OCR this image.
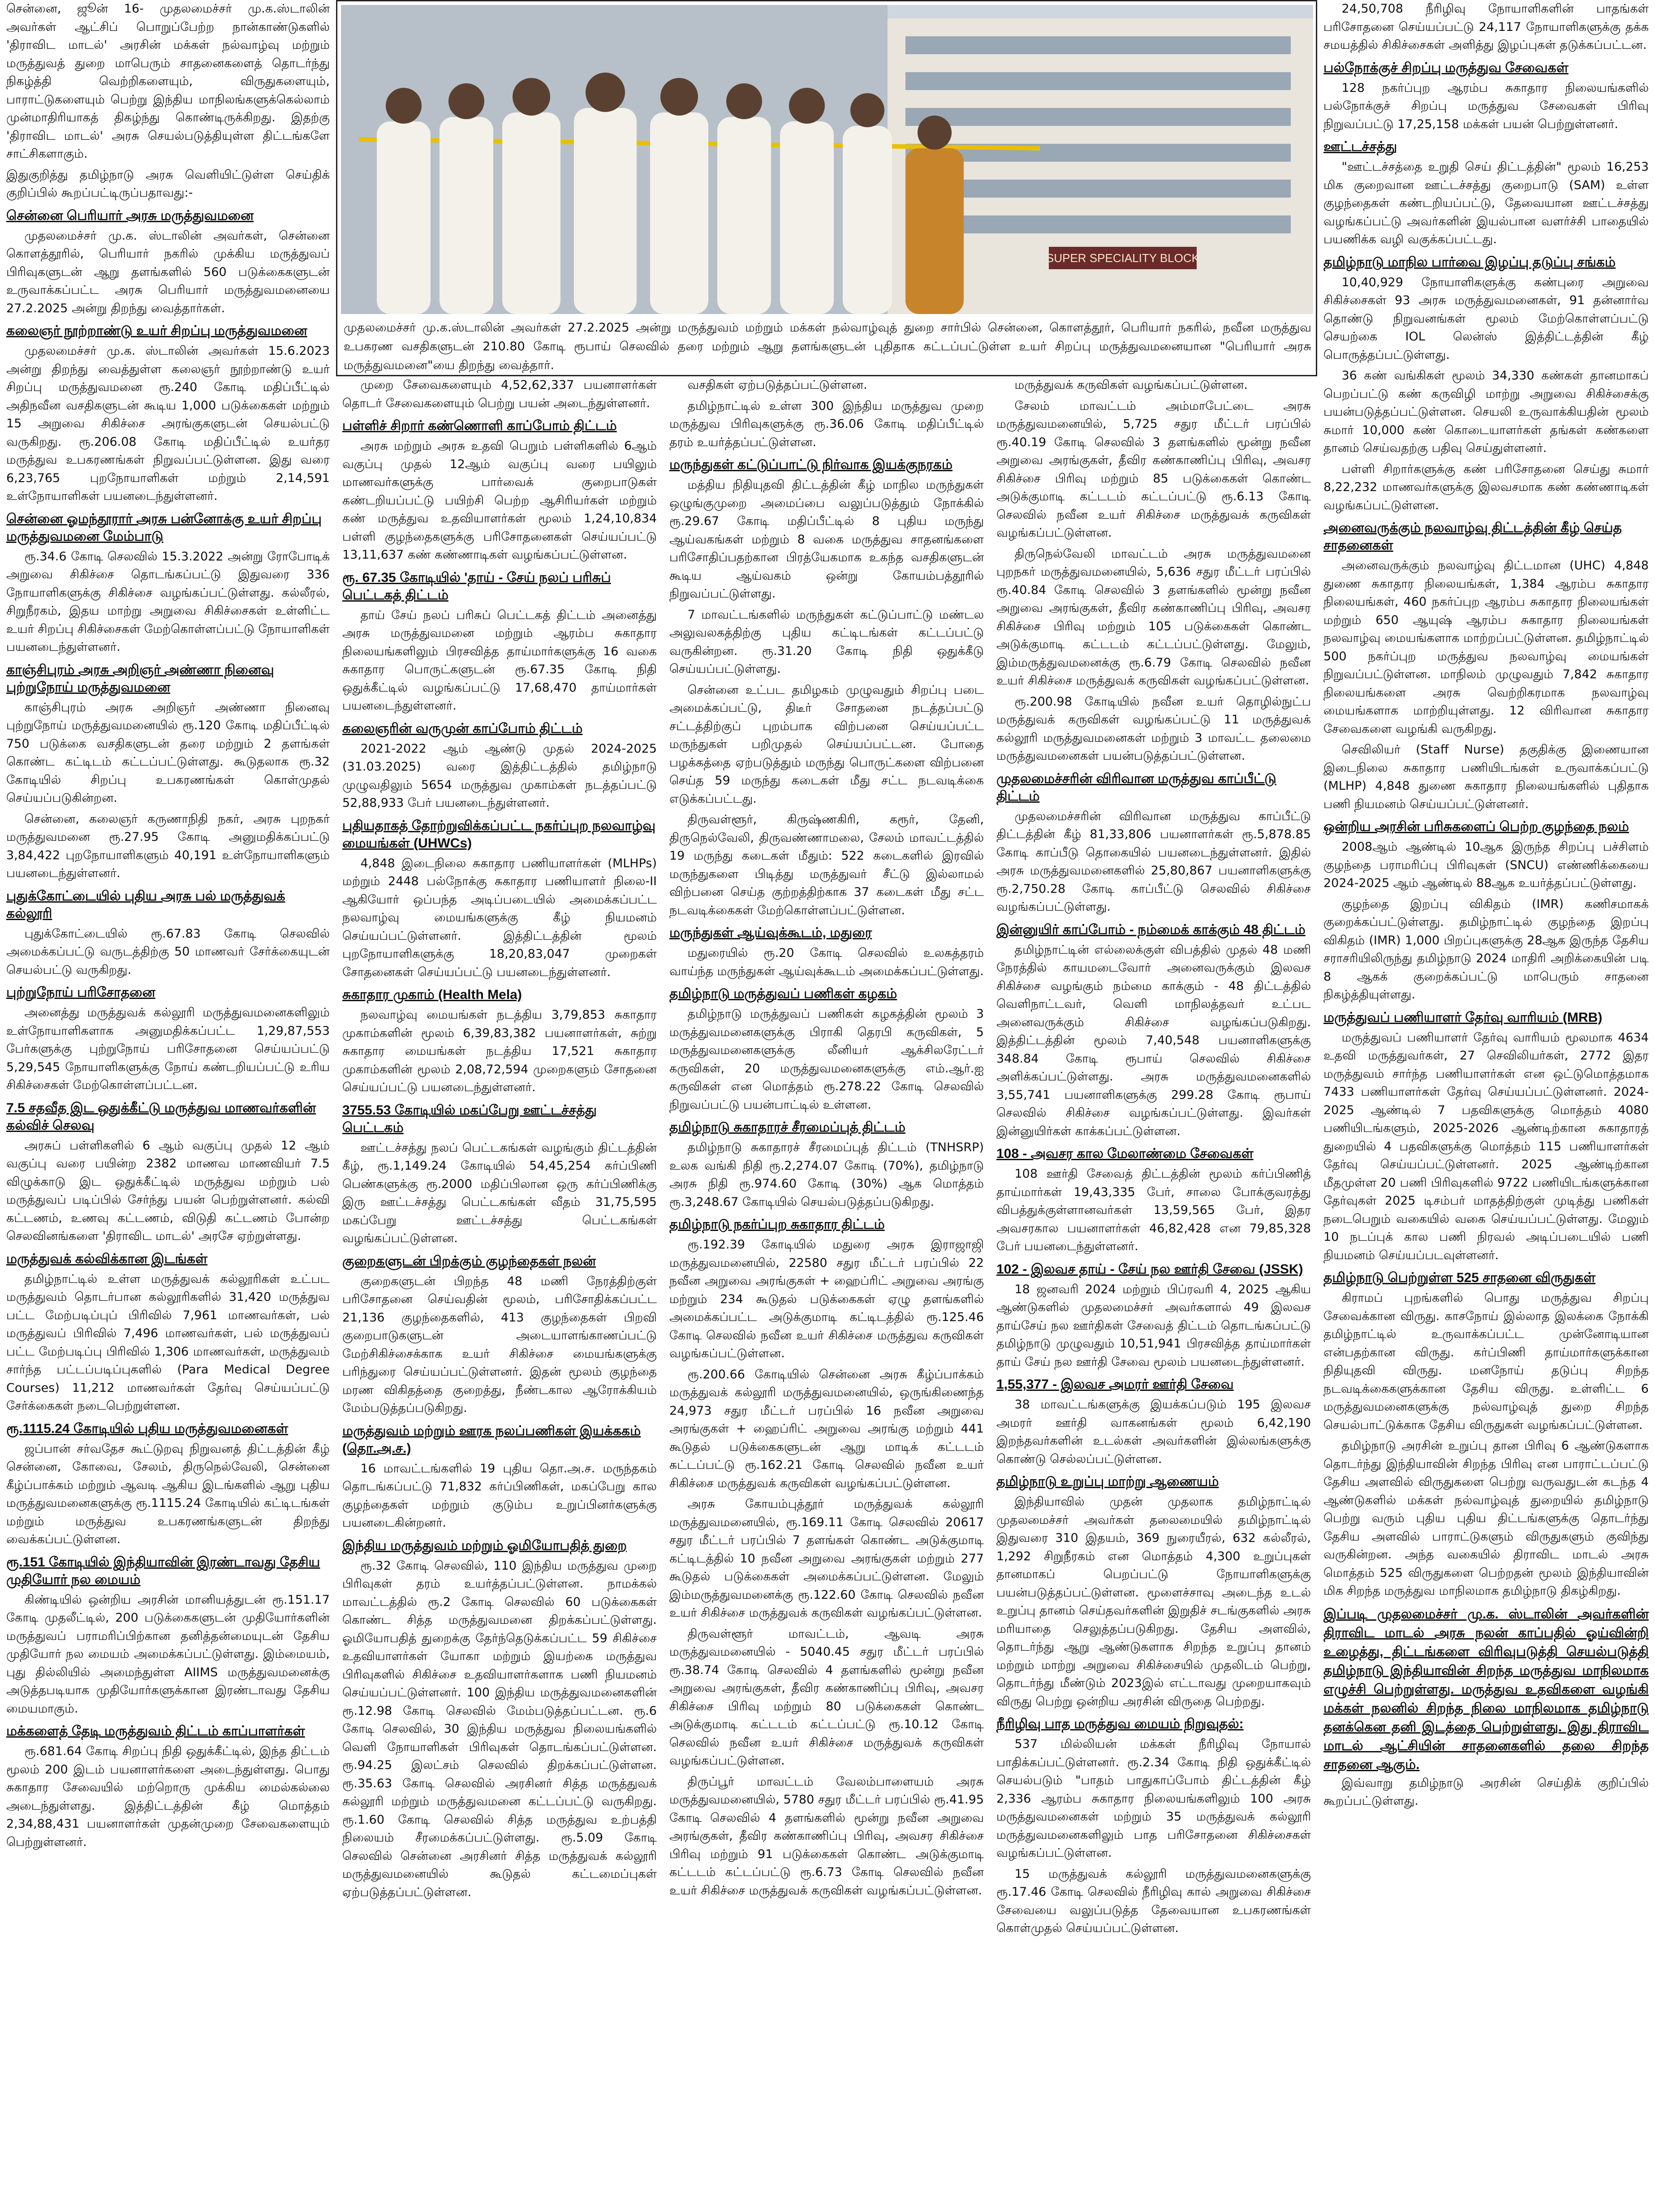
சென்னை, ஜூன் 16- முதலமைச்சர் மு.க.ஸ்டாலின் அவர்கள் ஆட்சிப் பொறுப்பேற்ற நான்காண்டுகளில் 'திராவிட மாடல்' அரசின் மக்கள் நல்வாழ்வு மற்றும் மருத்துவத் துறை மாபெரும் சாதனைகளைத் தொடர்ந்து நிகழ்த்தி வெற்றிகளையும், விருதுகளையும், பாராட்டுகளையும் பெற்று இந்திய மாநிலங்களுக்கெல்லாம் முன்மாதிரியாகத் திகழ்ந்து கொண்டிருக்கிறது. இதற்கு 'திராவிட மாடல்' அரசு செயல்படுத்தியுள்ள திட்டங்களே சாட்சிகளாகும்.
இதுகுறித்து தமிழ்நாடு அரசு வெளியிட்டுள்ள செய்திக் குறிப்பில் கூறப்பட்டிருப்பதாவது:-
சென்னை பெரியார் அரசு மருத்துவமனை
முதலமைச்சர் மு.க. ஸ்டாலின் அவர்கள், சென்னை கொளத்தூரில், பெரியார் நகரில் முக்கிய மருத்துவப் பிரிவுகளுடன் ஆறு தளங்களில் 560 படுக்கைகளுடன் உருவாக்கப்பட்ட அரசு பெரியார் மருத்துவமனையை 27.2.2025 அன்று திறந்து வைத்தார்கள்.
கலைஞர் நூற்றாண்டு உயர் சிறப்பு மருத்துவமனை
முதலமைச்சர் மு.க. ஸ்டாலின் அவர்கள் 15.6.2023 அன்று திறந்து வைத்துள்ள கலைஞர் நூற்றாண்டு உயர் சிறப்பு மருத்துவமனை ரூ.240 கோடி மதிப்பீட்டில் அதிநவீன வசதிகளுடன் கூடிய 1,000 படுக்கைகள் மற்றும் 15 அறுவை சிகிச்சை அரங்குகளுடன் செயல்பட்டு வருகிறது. ரூ.206.08 கோடி மதிப்பீட்டில் உயர்தர மருத்துவ உபகரணங்கள் நிறுவப்பட்டுள்ளன. இது வரை 6,23,765 புறநோயாளிகள் மற்றும் 2,14,591 உள்நோயாளிகள் பயனடைந்துள்ளனர்.
சென்னை ஓமந்தூரார் அரசு பன்னோக்கு உயர் சிறப்பு மருத்துவமனை மேம்பாடு
ரூ.34.6 கோடி செலவில் 15.3.2022 அன்று ரோபோடிக் அறுவை சிகிச்சை தொடங்கப்பட்டு இதுவரை 336 நோயாளிகளுக்கு சிகிச்சை வழங்கப்பட்டுள்ளது. கல்லீரல், சிறுநீரகம், இதய மாற்று அறுவை சிகிச்சைகள் உள்ளிட்ட உயர் சிறப்பு சிகிச்சைகள் மேற்கொள்ளப்பட்டு நோயாளிகள் பயனடைந்துள்ளனர்.
காஞ்சிபுரம் அரசு அறிஞர் அண்ணா நினைவு புற்றுநோய் மருத்துவமனை
காஞ்சிபுரம் அரசு அறிஞர் அண்ணா நினைவு புற்றுநோய் மருத்துவமனையில் ரூ.120 கோடி மதிப்பீட்டில் 750 படுக்கை வசதிகளுடன் தரை மற்றும் 2 தளங்கள் கொண்ட கட்டிடம் கட்டப்பட்டுள்ளது. கூடுதலாக ரூ.32 கோடியில் சிறப்பு உபகரணங்கள் கொள்முதல் செய்யப்படுகின்றன.
சென்னை, கலைஞர் கருணாநிதி நகர், அரசு புறநகர் மருத்துவமனை ரூ.27.95 கோடி அனுமதிக்கப்பட்டு 3,84,422 புறநோயாளிகளும் 40,191 உள்நோயாளிகளும் பயனடைந்துள்ளனர்.
புதுக்கோட்டையில் புதிய அரசு பல் மருத்துவக் கல்லூரி
புதுக்கோட்டையில் ரூ.67.83 கோடி செலவில் அமைக்கப்பட்டு வருடத்திற்கு 50 மாணவர் சேர்க்கையுடன் செயல்பட்டு வருகிறது.
புற்றுநோய் பரிசோதனை
அனைத்து மருத்துவக் கல்லூரி மருத்துவமனைகளிலும் உள்நோயாளிகளாக அனுமதிக்கப்பட்ட 1,29,87,553 பேர்களுக்கு புற்றுநோய் பரிசோதனை செய்யப்பட்டு 5,29,545 நோயாளிகளுக்கு நோய் கண்டறியப்பட்டு உரிய சிகிச்சைகள் மேற்கொள்ளப்பட்டன.
7.5 சதவீத இட ஒதுக்கீட்டு மருத்துவ மாணவர்களின் கல்விச் செலவு
அரசுப் பள்ளிகளில் 6 ஆம் வகுப்பு முதல் 12 ஆம் வகுப்பு வரை பயின்ற 2382 மாணவ மாணவியர் 7.5 விழுக்காடு இட ஒதுக்கீட்டில் மருத்துவ மற்றும் பல் மருத்துவப் படிப்பில் சேர்ந்து பயன் பெற்றுள்ளனர். கல்வி கட்டணம், உணவு கட்டணம், விடுதி கட்டணம் போன்ற செலவினங்களை 'திராவிட மாடல்' அரசே ஏற்றுள்ளது.
மருத்துவக் கல்விக்கான இடங்கள்
தமிழ்நாட்டில் உள்ள மருத்துவக் கல்லூரிகள் உட்பட மருத்துவம் தொடர்பான கல்லூரிகளில் 31,420 மருத்துவ பட்ட மேற்படிப்புப் பிரிவில் 7,961 மாணவர்கள், பல் மருத்துவப் பிரிவில் 7,496 மாணவர்கள், பல் மருத்துவப் பட்ட மேற்படிப்பு பிரிவில் 1,306 மாணவர்கள், மருத்துவம் சார்ந்த பட்டப்படிப்புகளில் (Para Medical Degree Courses) 11,212 மாணவர்கள் தேர்வு செய்யப்பட்டு சேர்க்கைகள் நடைபெற்றுள்ளன.
ரூ.1115.24 கோடியில் புதிய மருத்துவமனைகள்
ஜப்பான் சர்வதேச கூட்டுறவு நிறுவனத் திட்டத்தின் கீழ் சென்னை, கோவை, சேலம், திருநெல்வேலி, சென்னை கீழ்ப்பாக்கம் மற்றும் ஆவடி ஆகிய இடங்களில் ஆறு புதிய மருத்துவமனைகளுக்கு ரூ.1115.24 கோடியில் கட்டிடங்கள் மற்றும் மருத்துவ உபகரணங்களுடன் திறந்து வைக்கப்பட்டுள்ளன.
ரூ.151 கோடியில் இந்தியாவின் இரண்டாவது தேசிய முதியோர் நல மையம்
கிண்டியில் ஒன்றிய அரசின் மானியத்துடன் ரூ.151.17 கோடி முதலீட்டில், 200 படுக்கைகளுடன் முதியோர்களின் மருத்துவப் பராமரிப்பிற்கான தனித்தன்மையுடன் தேசிய முதியோர் நல மையம் அமைக்கப்பட்டுள்ளது. இம்மையம், புது தில்லியில் அமைந்துள்ள AIIMS மருத்துவமனைக்கு அடுத்தபடியாக முதியோர்களுக்கான இரண்டாவது தேசிய மையமாகும்.
மக்களைத் தேடி மருத்துவம் திட்டம் காப்பாளர்கள்
ரூ.681.64 கோடி சிறப்பு நிதி ஒதுக்கீட்டில், இந்த திட்டம் மூலம் 200 இடம் பயனாளர்களை அடைந்துள்ளது. பொது சுகாதார சேவையில் மற்றொரு முக்கிய மைல்கல்லை அடைந்துள்ளது. இத்திட்டத்தின் கீழ் மொத்தம் 2,34,88,431 பயனாளர்கள் முதன்முறை சேவைகளையும் பெற்றுள்ளனர்.
SUPER SPECIALITY BLOCK
முதலமைச்சர் மு.க.ஸ்டாலின் அவர்கள் 27.2.2025 அன்று மருத்துவம் மற்றும் மக்கள் நல்வாழ்வுத் துறை சார்பில் சென்னை, கொளத்தூர், பெரியார் நகரில், நவீன மருத்துவ உபகரண வசதிகளுடன் 210.80 கோடி ரூபாய் செலவில் தரை மற்றும் ஆறு தளங்களுடன் புதிதாக கட்டப்பட்டுள்ள உயர் சிறப்பு மருத்துவமனையான "பெரியார் அரசு மருத்துவமனை"யை திறந்து வைத்தார்.
முறை சேவைகளையும் 4,52,62,337 பயனாளர்கள் தொடர் சேவைகளையும் பெற்று பயன் அடைந்துள்ளனர்.
பள்ளிச் சிறார் கண்ணொளி காப்போம் திட்டம்
அரசு மற்றும் அரசு உதவி பெறும் பள்ளிகளில் 6ஆம் வகுப்பு முதல் 12ஆம் வகுப்பு வரை பயிலும் மாணவர்களுக்கு பார்வைக் குறைபாடுகள் கண்டறியப்பட்டு பயிற்சி பெற்ற ஆசிரியர்கள் மற்றும் கண் மருத்துவ உதவியாளர்கள் மூலம் 1,24,10,834 பள்ளி குழந்தைகளுக்கு பரிசோதனைகள் செய்யப்பட்டு 13,11,637 கண் கண்ணாடிகள் வழங்கப்பட்டுள்ளன.
ரூ. 67.35 கோடியில் 'தாய் - சேய் நலப் பரிசுப் பெட்டகத் திட்டம்
தாய் சேய் நலப் பரிசுப் பெட்டகத் திட்டம் அனைத்து அரசு மருத்துவமனை மற்றும் ஆரம்ப சுகாதார நிலையங்களிலும் பிரசவித்த தாய்மார்களுக்கு 16 வகை சுகாதார பொருட்களுடன் ரூ.67.35 கோடி நிதி ஒதுக்கீட்டில் வழங்கப்பட்டு 17,68,470 தாய்மார்கள் பயனடைந்துள்ளனர்.
கலைஞரின் வருமுன் காப்போம் திட்டம்
2021-2022 ஆம் ஆண்டு முதல் 2024-2025 (31.03.2025) வரை இத்திட்டத்தில் தமிழ்நாடு முழுவதிலும் 5654 மருத்துவ முகாம்கள் நடத்தப்பட்டு 52,88,933 பேர் பயனடைந்துள்ளனர்.
புதியதாகத் தோற்றுவிக்கப்பட்ட நகர்ப்புற நலவாழ்வு மையங்கள் (UHWCs)
4,848 இடைநிலை சுகாதார பணியாளர்கள் (MLHPs) மற்றும் 2448 பல்நோக்கு சுகாதார பணியாளர் நிலை-II ஆகியோர் ஒப்பந்த அடிப்படையில் அமைக்கப்பட்ட நலவாழ்வு மையங்களுக்கு கீழ் நியமனம் செய்யப்பட்டுள்ளனர். இத்திட்டத்தின் மூலம் புறநோயாளிகளுக்கு 18,20,83,047 முறைகள் சோதனைகள் செய்யப்பட்டு பயனடைந்துள்ளனர்.
சுகாதார முகாம் (Health Mela)
நலவாழ்வு மையங்கள் நடத்திய 3,79,853 சுகாதார முகாம்களின் மூலம் 6,39,83,382 பயனாளர்கள், சுற்று சுகாதார மையங்கள் நடத்திய 17,521 சுகாதார முகாம்களின் மூலம் 2,08,72,594 முறைகளும் சோதனை செய்யப்பட்டு பயனடைந்துள்ளனர்.
3755.53 கோடியில் மகப்பேறு ஊட்டச்சத்து பெட்டகம்
ஊட்டச்சத்து நலப் பெட்டகங்கள் வழங்கும் திட்டத்தின் கீழ், ரூ.1,149.24 கோடியில் 54,45,254 கர்ப்பிணி பெண்களுக்கு ரூ.2000 மதிப்பிலான ஒரு கர்ப்பிணிக்கு இரு ஊட்டச்சத்து பெட்டகங்கள் வீதம் 31,75,595 மகப்பேறு ஊட்டச்சத்து பெட்டகங்கள் வழங்கப்பட்டுள்ளன.
குறைகளுடன் பிறக்கும் குழந்தைகள் நலன்
குறைகளுடன் பிறந்த 48 மணி நேரத்திற்குள் பரிசோதனை செய்வதின் மூலம், பரிசோதிக்கப்பட்ட 21,136 குழந்தைகளில், 413 குழந்தைகள் பிறவி குறைபாடுகளுடன் அடையாளங்காணப்பட்டு மேற்சிகிச்சைக்காக உயர் சிகிச்சை மையங்களுக்கு பரிந்துரை செய்யப்பட்டுள்ளனர். இதன் மூலம் குழந்தை மரண விகிதத்தை குறைத்து, நீண்டகால ஆரோக்கியம் மேம்படுத்தப்படுகிறது.
மருத்துவம் மற்றும் ஊரக நலப்பணிகள் இயக்ககம் (தொ.அ.ச.)
16 மாவட்டங்களில் 19 புதிய தொ.அ.ச. மருந்தகம் தொடங்கப்பட்டு 71,832 கர்ப்பிணிகள், மகப்பேறு கால குழந்தைகள் மற்றும் குடும்ப உறுப்பினர்களுக்கு பயனடைகின்றனர்.
இந்திய மருத்துவம் மற்றும் ஓமியோபதித் துறை
ரூ.32 கோடி செலவில், 110 இந்திய மருத்துவ முறை பிரிவுகள் தரம் உயர்த்தப்பட்டுள்ளன. நாமக்கல் மாவட்டத்தில் ரூ.2 கோடி செலவில் 60 படுக்கைகள் கொண்ட சித்த மருத்துவமனை திறக்கப்பட்டுள்ளது. ஓமியோபதித் துறைக்கு தேர்ந்தெடுக்கப்பட்ட 59 சிகிச்சை உதவியாளர்கள் யோகா மற்றும் இயற்கை மருத்துவ பிரிவுகளில் சிகிச்சை உதவியாளர்களாக பணி நியமனம் செய்யப்பட்டுள்ளனர். 100 இந்திய மருத்துவமனைகளின் ரூ.12.98 கோடி செலவில் மேம்படுத்தப்பட்டன. ரூ.6 கோடி செலவில், 30 இந்திய மருத்துவ நிலையங்களில் வெளி நோயாளிகள் பிரிவுகள் தொடங்கப்பட்டுள்ளன. ரூ.94.25 இலட்சம் செலவில் திறக்கப்பட்டுள்ளன. ரூ.35.63 கோடி செலவில் அரசினர் சித்த மருத்துவக் கல்லூரி மற்றும் மருத்துவமனை கட்டப்பட்டு வருகிறது. ரூ.1.60 கோடி செலவில் சித்த மருத்துவ உற்பத்தி நிலையம் சீரமைக்கப்பட்டுள்ளது. ரூ.5.09 கோடி செலவில் சென்னை அரசினர் சித்த மருத்துவக் கல்லூரி மருத்துவமனையில் கூடுதல் கட்டமைப்புகள் ஏற்படுத்தப்பட்டுள்ளன.
வசதிகள் ஏற்படுத்தப்பட்டுள்ளன.
தமிழ்நாட்டில் உள்ள 300 இந்திய மருத்துவ முறை மருத்துவ பிரிவுகளுக்கு ரூ.36.06 கோடி மதிப்பீட்டில் தரம் உயர்த்தப்பட்டுள்ளன.
மருந்துகள் கட்டுப்பாட்டு நிர்வாக இயக்குநரகம்
மத்திய நிதியுதவி திட்டத்தின் கீழ் மாநில மருந்துகள் ஒழுங்குமுறை அமைப்பை வலுப்படுத்தும் நோக்கில் ரூ.29.67 கோடி மதிப்பீட்டில் 8 புதிய மருந்து ஆய்வகங்கள் மற்றும் 8 வகை மருத்துவ சாதனங்களை பரிசோதிப்பதற்கான பிரத்யேகமாக உகந்த வசதிகளுடன் கூடிய ஆய்வகம் ஒன்று கோயம்பத்தூரில் நிறுவப்பட்டுள்ளது.
7 மாவட்டங்களில் மருந்துகள் கட்டுப்பாட்டு மண்டல அலுவலகத்திற்கு புதிய கட்டிடங்கள் கட்டப்பட்டு வருகின்றன. ரூ.31.20 கோடி நிதி ஒதுக்கீடு செய்யப்பட்டுள்ளது.
சென்னை உட்பட தமிழகம் முழுவதும் சிறப்பு படை அமைக்கப்பட்டு, திடீர் சோதனை நடத்தப்பட்டு சட்டத்திற்குப் புறம்பாக விற்பனை செய்யப்பட்ட மருந்துகள் பறிமுதல் செய்யப்பட்டன. போதை பழக்கத்தை ஏற்படுத்தும் மருந்து பொருட்களை விற்பனை செய்த 59 மருந்து கடைகள் மீது சட்ட நடவடிக்கை எடுக்கப்பட்டது.
திருவள்ளூர், கிருஷ்ணகிரி, கரூர், தேனி, திருநெல்வேலி, திருவண்ணாமலை, சேலம் மாவட்டத்தில் 19 மருந்து கடைகள் மீதும்: 522 கடைகளில் இரவில் மருந்துகளை பிடித்து மருத்துவர் சீட்டு இல்லாமல் விற்பனை செய்த குற்றத்திற்காக 37 கடைகள் மீது சட்ட நடவடிக்கைகள் மேற்கொள்ளப்பட்டுள்ளன.
மருந்துகள் ஆய்வுக்கூடம், மதுரை
மதுரையில் ரூ.20 கோடி செலவில் உலகத்தரம் வாய்ந்த மருந்துகள் ஆய்வுக்கூடம் அமைக்கப்பட்டுள்ளது.
தமிழ்நாடு மருத்துவப் பணிகள் கழகம்
தமிழ்நாடு மருத்துவப் பணிகள் கழகத்தின் மூலம் 3 மருத்துவமனைகளுக்கு பிராகி தெரபி கருவிகள், 5 மருத்துவமனைகளுக்கு லீனியர் ஆக்சிலரேட்டர் கருவிகள், 20 மருத்துவமனைகளுக்கு எம்.ஆர்.ஐ கருவிகள் என மொத்தம் ரூ.278.22 கோடி செலவில் நிறுவப்பட்டு பயன்பாட்டில் உள்ளன.
தமிழ்நாடு சுகாதாரச் சீரமைப்புத் திட்டம்
தமிழ்நாடு சுகாதாரச் சீரமைப்புத் திட்டம் (TNHSRP) உலக வங்கி நிதி ரூ.2,274.07 கோடி (70%), தமிழ்நாடு அரசு நிதி ரூ.974.60 கோடி (30%) ஆக மொத்தம் ரூ.3,248.67 கோடியில் செயல்படுத்தப்படுகிறது.
தமிழ்நாடு நகர்ப்புற சுகாதார திட்டம்
ரூ.192.39 கோடியில் மதுரை அரசு இராஜாஜி மருத்துவமனையில், 22580 சதுர மீட்டர் பரப்பில் 22 நவீன அறுவை அரங்குகள் + ஹைப்ரிட் அறுவை அரங்கு மற்றும் 234 கூடுதல் படுக்கைகள் ஏழு தளங்களில் அமைக்கப்பட்ட அடுக்குமாடி கட்டிடத்தில் ரூ.125.46 கோடி செலவில் நவீன உயர் சிகிச்சை மருத்துவ கருவிகள் வழங்கப்பட்டுள்ளன.
ரூ.200.66 கோடியில் சென்னை அரசு கீழ்ப்பாக்கம் மருத்துவக் கல்லூரி மருத்துவமனையில், ஒருங்கிணைந்த 24,973 சதுர மீட்டர் பரப்பில் 16 நவீன அறுவை அரங்குகள் + ஹைப்ரிட் அறுவை அரங்கு மற்றும் 441 கூடுதல் படுக்கைகளுடன் ஆறு மாடிக் கட்டடம் கட்டப்பட்டு ரூ.162.21 கோடி செலவில் நவீன உயர் சிகிச்சை மருத்துவக் கருவிகள் வழங்கப்பட்டுள்ளன.
அரசு கோயம்புத்தூர் மருத்துவக் கல்லூரி மருத்துவமனையில், ரூ.169.11 கோடி செலவில் 20617 சதுர மீட்டர் பரப்பில் 7 தளங்கள் கொண்ட அடுக்குமாடி கட்டிடத்தில் 10 நவீன அறுவை அரங்குகள் மற்றும் 277 கூடுதல் படுக்கைகள் அமைக்கப்பட்டுள்ளன. மேலும் இம்மருத்துவமனைக்கு ரூ.122.60 கோடி செலவில் நவீன உயர் சிகிச்சை மருத்துவக் கருவிகள் வழங்கப்பட்டுள்ளன.
திருவள்ளூர் மாவட்டம், ஆவடி அரசு மருத்துவமனையில் - 5040.45 சதுர மீட்டர் பரப்பில் ரூ.38.74 கோடி செலவில் 4 தளங்களில் மூன்று நவீன அறுவை அரங்குகள், தீவிர கண்காணிப்பு பிரிவு, அவசர சிகிச்சை பிரிவு மற்றும் 80 படுக்கைகள் கொண்ட அடுக்குமாடி கட்டடம் கட்டப்பட்டு ரூ.10.12 கோடி செலவில் நவீன உயர் சிகிச்சை மருத்துவக் கருவிகள் வழங்கப்பட்டுள்ளன.
திருப்பூர் மாவட்டம் வேலம்பாளையம் அரசு மருத்துவமனையில், 5780 சதுர மீட்டர் பரப்பில் ரூ.41.95 கோடி செலவில் 4 தளங்களில் மூன்று நவீன அறுவை அரங்குகள், தீவிர கண்காணிப்பு பிரிவு, அவசர சிகிச்சை பிரிவு மற்றும் 91 படுக்கைகள் கொண்ட அடுக்குமாடி கட்டடம் கட்டப்பட்டு ரூ.6.73 கோடி செலவில் நவீன உயர் சிகிச்சை மருத்துவக் கருவிகள் வழங்கப்பட்டுள்ளன.
மருத்துவக் கருவிகள் வழங்கப்பட்டுள்ளன.
சேலம் மாவட்டம் அம்மாபேட்டை அரசு மருத்துவமனையில், 5,725 சதுர மீட்டர் பரப்பில் ரூ.40.19 கோடி செலவில் 3 தளங்களில் மூன்று நவீன அறுவை அரங்குகள், தீவிர கண்காணிப்பு பிரிவு, அவசர சிகிச்சை பிரிவு மற்றும் 85 படுக்கைகள் கொண்ட அடுக்குமாடி கட்டடம் கட்டப்பட்டு ரூ.6.13 கோடி செலவில் நவீன உயர் சிகிச்சை மருத்துவக் கருவிகள் வழங்கப்பட்டுள்ளன.
திருநெல்வேலி மாவட்டம் அரசு மருத்துவமனை புறநகர் மருத்துவமனையில், 5,636 சதுர மீட்டர் பரப்பில் ரூ.40.84 கோடி செலவில் 3 தளங்களில் மூன்று நவீன அறுவை அரங்குகள், தீவிர கண்காணிப்பு பிரிவு, அவசர சிகிச்சை பிரிவு மற்றும் 105 படுக்கைகள் கொண்ட அடுக்குமாடி கட்டடம் கட்டப்பட்டுள்ளது. மேலும், இம்மருத்துவமனைக்கு ரூ.6.79 கோடி செலவில் நவீன உயர் சிகிச்சை மருத்துவக் கருவிகள் வழங்கப்பட்டுள்ளன.
ரூ.200.98 கோடியில் நவீன உயர் தொழில்நுட்ப மருத்துவக் கருவிகள் வழங்கப்பட்டு 11 மருத்துவக் கல்லூரி மருத்துவமனைகள் மற்றும் 3 மாவட்ட தலைமை மருத்துவமனைகள் பயன்படுத்தப்பட்டுள்ளன.
முதலமைச்சரின் விரிவான மருத்துவ காப்பீட்டு திட்டம்
முதலமைச்சரின் விரிவான மருத்துவ காப்பீட்டு திட்டத்தின் கீழ் 81,33,806 பயனாளர்கள் ரூ.5,878.85 கோடி காப்பீடு தொகையில் பயனடைந்துள்ளனர். இதில் அரசு மருத்துவமனைகளில் 25,80,867 பயனாளிகளுக்கு ரூ.2,750.28 கோடி காப்பீட்டு செலவில் சிகிச்சை வழங்கப்பட்டுள்ளது.
இன்னுயிர் காப்போம் - நம்மைக் காக்கும் 48 திட்டம்
தமிழ்நாட்டின் எல்லைக்குள் விபத்தில் முதல் 48 மணி நேரத்தில் காயமடைவோர் அனைவருக்கும் இலவச சிகிச்சை வழங்கும் நம்மை காக்கும் - 48 திட்டத்தில் வெளிநாட்டவர், வெளி மாநிலத்தவர் உட்பட அனைவருக்கும் சிகிச்சை வழங்கப்படுகிறது. இத்திட்டத்தின் மூலம் 7,40,548 பயனாளிகளுக்கு 348.84 கோடி ரூபாய் செலவில் சிகிச்சை அளிக்கப்பட்டுள்ளது. அரசு மருத்துவமனைகளில் 3,55,741 பயனாளிகளுக்கு 299.28 கோடி ரூபாய் செலவில் சிகிச்சை வழங்கப்பட்டுள்ளது. இவர்கள் இன்னுயிர்கள் காக்கப்பட்டுள்ளன.
108 - அவசர கால மேலாண்மை சேவைகள்
108 ஊர்தி சேவைத் திட்டத்தின் மூலம் கர்ப்பிணித் தாய்மார்கள் 19,43,335 பேர், சாலை போக்குவரத்து விபத்துக்குள்ளானவர்கள் 13,59,565 பேர், இதர அவசரகால பயனாளர்கள் 46,82,428 என 79,85,328 பேர் பயனடைந்துள்ளனர்.
102 - இலவச தாய் - சேய் நல ஊர்தி சேவை (JSSK)
18 ஜனவரி 2024 மற்றும் பிப்ரவரி 4, 2025 ஆகிய ஆண்டுகளில் முதலமைச்சர் அவர்களால் 49 இலவச தாய்சேய் நல ஊர்திகள் சேவைத் திட்டம் தொடங்கப்பட்டு தமிழ்நாடு முழுவதும் 10,51,941 பிரசவித்த தாய்மார்கள் தாய் சேய் நல ஊர்தி சேவை மூலம் பயனடைந்துள்ளனர்.
1,55,377 - இலவச அமரர் ஊர்தி சேவை
38 மாவட்டங்களுக்கு இயக்கப்படும் 195 இலவச அமரர் ஊர்தி வாகனங்கள் மூலம் 6,42,190 இறந்தவர்களின் உடல்கள் அவர்களின் இல்லங்களுக்கு கொண்டு செல்லப்பட்டுள்ளன.
தமிழ்நாடு உறுப்பு மாற்று ஆணையம்
இந்தியாவில் முதன் முதலாக தமிழ்நாட்டில் முதலமைச்சர் அவர்கள் தலைமையில் தமிழ்நாட்டில் இதுவரை 310 இதயம், 369 நுரையீரல், 632 கல்லீரல், 1,292 சிறுநீரகம் என மொத்தம் 4,300 உறுப்புகள் தானமாகப் பெறப்பட்டு நோயாளிகளுக்கு பயன்படுத்தப்பட்டுள்ளன. மூளைச்சாவு அடைந்த உடல் உறுப்பு தானம் செய்தவர்களின் இறுதிச் சடங்குகளில் அரசு மரியாதை செலுத்தப்படுகிறது. தேசிய அளவில், தொடர்ந்து ஆறு ஆண்டுகளாக சிறந்த உறுப்பு தானம் மற்றும் மாற்று அறுவை சிகிச்சையில் முதலிடம் பெற்று, தொடர்ந்து மீண்டும் 2023இல் எட்டாவது முறையாகவும் விருது பெற்று ஒன்றிய அரசின் விருதை பெற்றது.
நீரிழிவு பாத மருத்துவ மையம் நிறுவுதல்:
537 மில்லியன் மக்கள் நீரிழிவு நோயால் பாதிக்கப்பட்டுள்ளனர். ரூ.2.34 கோடி நிதி ஒதுக்கீட்டில் செயல்படும் "பாதம் பாதுகாப்போம் திட்டத்தின் கீழ் 2,336 ஆரம்ப சுகாதார நிலையங்களிலும் 100 அரசு மருத்துவமனைகள் மற்றும் 35 மருத்துவக் கல்லூரி மருத்துவமனைகளிலும் பாத பரிசோதனை சிகிச்சைகள் வழங்கப்பட்டுள்ளன.
15 மருத்துவக் கல்லூரி மருத்துவமனைகளுக்கு ரூ.17.46 கோடி செலவில் நீரிழிவு கால் அறுவை சிகிச்சை சேவையை வலுப்படுத்த தேவையான உபகரணங்கள் கொள்முதல் செய்யப்பட்டுள்ளன.
24,50,708 நீரிழிவு நோயாளிகளின் பாதங்கள் பரிசோதனை செய்யப்பட்டு 24,117 நோயாளிகளுக்கு தக்க சமயத்தில் சிகிச்சைகள் அளித்து இழப்புகள் தடுக்கப்பட்டன.
பல்நோக்குச் சிறப்பு மருத்துவ சேவைகள்
128 நகர்ப்புற ஆரம்ப சுகாதார நிலையங்களில் பல்நோக்குச் சிறப்பு மருத்துவ சேவைகள் பிரிவு நிறுவப்பட்டு 17,25,158 மக்கள் பயன் பெற்றுள்ளனர்.
ஊட்டச்சத்து
"ஊட்டச்சத்தை உறுதி செய் திட்டத்தின்" மூலம் 16,253 மிக குறைவான ஊட்டச்சத்து குறைபாடு (SAM) உள்ள குழந்தைகள் கண்டறியப்பட்டு, தேவையான ஊட்டச்சத்து வழங்கப்பட்டு அவர்களின் இயல்பான வளர்ச்சி பாதையில் பயணிக்க வழி வகுக்கப்பட்டது.
தமிழ்நாடு மாநில பார்வை இழப்பு தடுப்பு சங்கம்
10,40,929 நோயாளிகளுக்கு கண்புரை அறுவை சிகிச்சைகள் 93 அரசு மருத்துவமனைகள், 91 தன்னார்வ தொண்டு நிறுவனங்கள் மூலம் மேற்கொள்ளப்பட்டு செயற்கை IOL லென்ஸ் இத்திட்டத்தின் கீழ் பொருத்தப்பட்டுள்ளது.
36 கண் வங்கிகள் மூலம் 34,330 கண்கள் தானமாகப் பெறப்பட்டு கண் கருவிழி மாற்று அறுவை சிகிச்சைக்கு பயன்படுத்தப்பட்டுள்ளன. செயலி உருவாக்கியதின் மூலம் சுமார் 10,000 கண் கொடையாளர்கள் தங்கள் கண்களை தானம் செய்வதற்கு பதிவு செய்துள்ளனர்.
பள்ளி சிறார்களுக்கு கண் பரிசோதனை செய்து சுமார் 8,22,232 மாணவர்களுக்கு இலவசமாக கண் கண்ணாடிகள் வழங்கப்பட்டுள்ளன.
அனைவருக்கும் நலவாழ்வு திட்டத்தின் கீழ் செய்த சாதனைகள்
அனைவருக்கும் நலவாழ்வு திட்டமான (UHC) 4,848 துணை சுகாதார நிலையங்கள், 1,384 ஆரம்ப சுகாதார நிலையங்கள், 460 நகர்ப்புற ஆரம்ப சுகாதார நிலையங்கள் மற்றும் 650 ஆயுஷ் ஆரம்ப சுகாதார நிலையங்கள் நலவாழ்வு மையங்களாக மாற்றப்பட்டுள்ளன. தமிழ்நாட்டில் 500 நகர்ப்புற மருத்துவ நலவாழ்வு மையங்கள் நிறுவப்பட்டுள்ளன. மாநிலம் முழுவதும் 7,842 சுகாதார நிலையங்களை அரசு வெற்றிகரமாக நலவாழ்வு மையங்களாக மாற்றியுள்ளது. 12 விரிவான சுகாதார சேவைகளை வழங்கி வருகிறது.
செவிலியர் (Staff Nurse) தகுதிக்கு இணையான இடைநிலை சுகாதார பணியிடங்கள் உருவாக்கப்பட்டு (MLHP) 4,848 துணை சுகாதார நிலையங்களில் புதிதாக பணி நியமனம் செய்யப்பட்டுள்ளனர்.
ஒன்றிய அரசின் பரிசுகளைப் பெற்ற குழந்தை நலம்
2008ஆம் ஆண்டில் 10ஆக இருந்த சிறப்பு பச்சிளம் குழந்தை பராமரிப்பு பிரிவுகள் (SNCU) எண்ணிக்கையை 2024-2025 ஆம் ஆண்டில் 88ஆக உயர்த்தப்பட்டுள்ளது.
குழந்தை இறப்பு விகிதம் (IMR) கணிசமாகக் குறைக்கப்பட்டுள்ளது. தமிழ்நாட்டில் குழந்தை இறப்பு விகிதம் (IMR) 1,000 பிறப்புகளுக்கு 28ஆக இருந்த தேசிய சராசரியிலிருந்து தமிழ்நாடு 2024 மாதிரி அறிக்கையின் படி 8 ஆகக் குறைக்கப்பட்டு மாபெரும் சாதனை நிகழ்த்தியுள்ளது.
மருத்துவப் பணியாளர் தேர்வு வாரியம் (MRB)
மருத்துவப் பணியாளர் தேர்வு வாரியம் மூலமாக 4634 உதவி மருத்துவர்கள், 27 செவிலியர்கள், 2772 இதர மருத்துவம் சார்ந்த பணியாளர்கள் என ஒட்டுமொத்தமாக 7433 பணியாளர்கள் தேர்வு செய்யப்பட்டுள்ளனர். 2024-2025 ஆண்டில் 7 பதவிகளுக்கு மொத்தம் 4080 பணியிடங்களும், 2025-2026 ஆண்டிற்கான சுகாதாரத் துறையில் 4 பதவிகளுக்கு மொத்தம் 115 பணியாளர்கள் தேர்வு செய்யப்பட்டுள்ளனர். 2025 ஆண்டிற்கான மீதமுள்ள 20 பணி பிரிவுகளில் 9722 பணியிடங்களுக்கான தேர்வுகள் 2025 டிசம்பர் மாதத்திற்குள் முடித்து பணிகள் நடைபெறும் வகையில் வகை செய்யப்பட்டுள்ளது. மேலும் 10 நடப்புக் கால பணி நிரவல் அடிப்படையில் பணி நியமனம் செய்யப்படவுள்ளனர்.
தமிழ்நாடு பெற்றுள்ள 525 சாதனை விருதுகள்
கிராமப் புறங்களில் பொது மருத்துவ சிறப்பு சேவைக்கான விருது. காசநோய் இல்லாத இலக்கை நோக்கி தமிழ்நாட்டில் உருவாக்கப்பட்ட முன்னோடியான என்பதற்கான விருது. கர்ப்பிணி தாய்மார்களுக்கான நிதியுதவி விருது. மனநோய் தடுப்பு சிறந்த நடவடிக்கைகளுக்கான தேசிய விருது. உள்ளிட்ட 6 மருத்துவமனைகளுக்கு நல்வாழ்வுத் துறை சிறந்த செயல்பாட்டுக்காக தேசிய விருதுகள் வழங்கப்பட்டுள்ளன.
தமிழ்நாடு அரசின் உறுப்பு தான பிரிவு 6 ஆண்டுகளாக தொடர்ந்து இந்தியாவின் சிறந்த பிரிவு என பாராட்டப்பட்டு தேசிய அளவில் விருதுகளை பெற்று வருவதுடன் கடந்த 4 ஆண்டுகளில் மக்கள் நல்வாழ்வுத் துறையில் தமிழ்நாடு பெற்று வரும் புதிய புதிய திட்டங்களுக்கு தொடர்ந்து தேசிய அளவில் பாராட்டுகளும் விருதுகளும் குவிந்து வருகின்றன. அந்த வகையில் திராவிட மாடல் அரசு மொத்தம் 525 விருதுகளை பெற்றதன் மூலம் இந்தியாவின் மிக சிறந்த மருத்துவ மாநிலமாக தமிழ்நாடு திகழ்கிறது.
இப்படி முதலமைச்சர் மு.க. ஸ்டாலின் அவர்களின் திராவிட மாடல் அரசு நலன் காப்பதில் ஓய்வின்றி உழைத்து, திட்டங்களை விரிவுபடுத்தி செயல்படுத்தி தமிழ்நாடு இந்தியாவின் சிறந்த மருத்துவ மாநிலமாக எழுச்சி பெற்றுள்ளது. மருத்துவ உதவிகளை வழங்கி மக்கள் நலனில் சிறந்த நிலை மாநிலமாக தமிழ்நாடு தனக்கென தனி இடத்தை பெற்றுள்ளது. இது திராவிட மாடல் ஆட்சியின் சாதனைகளில் தலை சிறந்த சாதனை ஆகும்.
இவ்வாறு தமிழ்நாடு அரசின் செய்திக் குறிப்பில் கூறப்பட்டுள்ளது.
